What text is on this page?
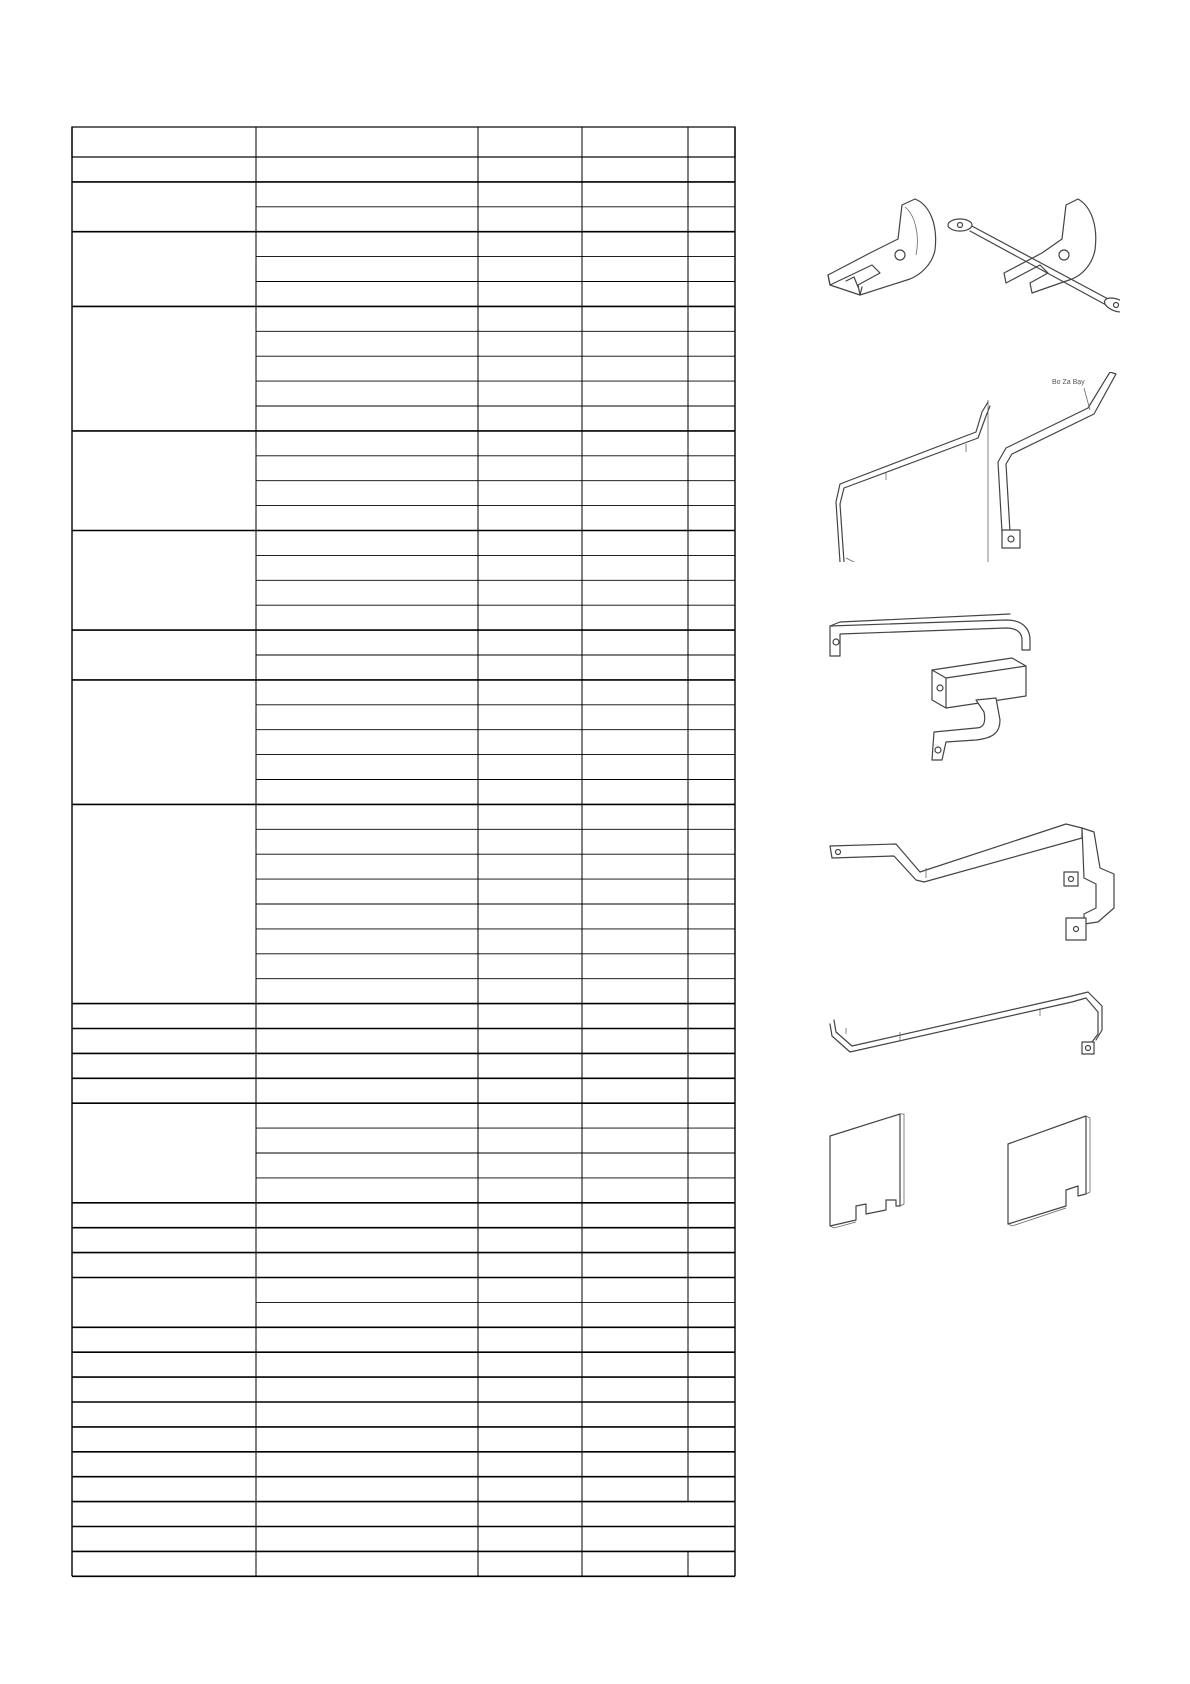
Bo Za Bạy
